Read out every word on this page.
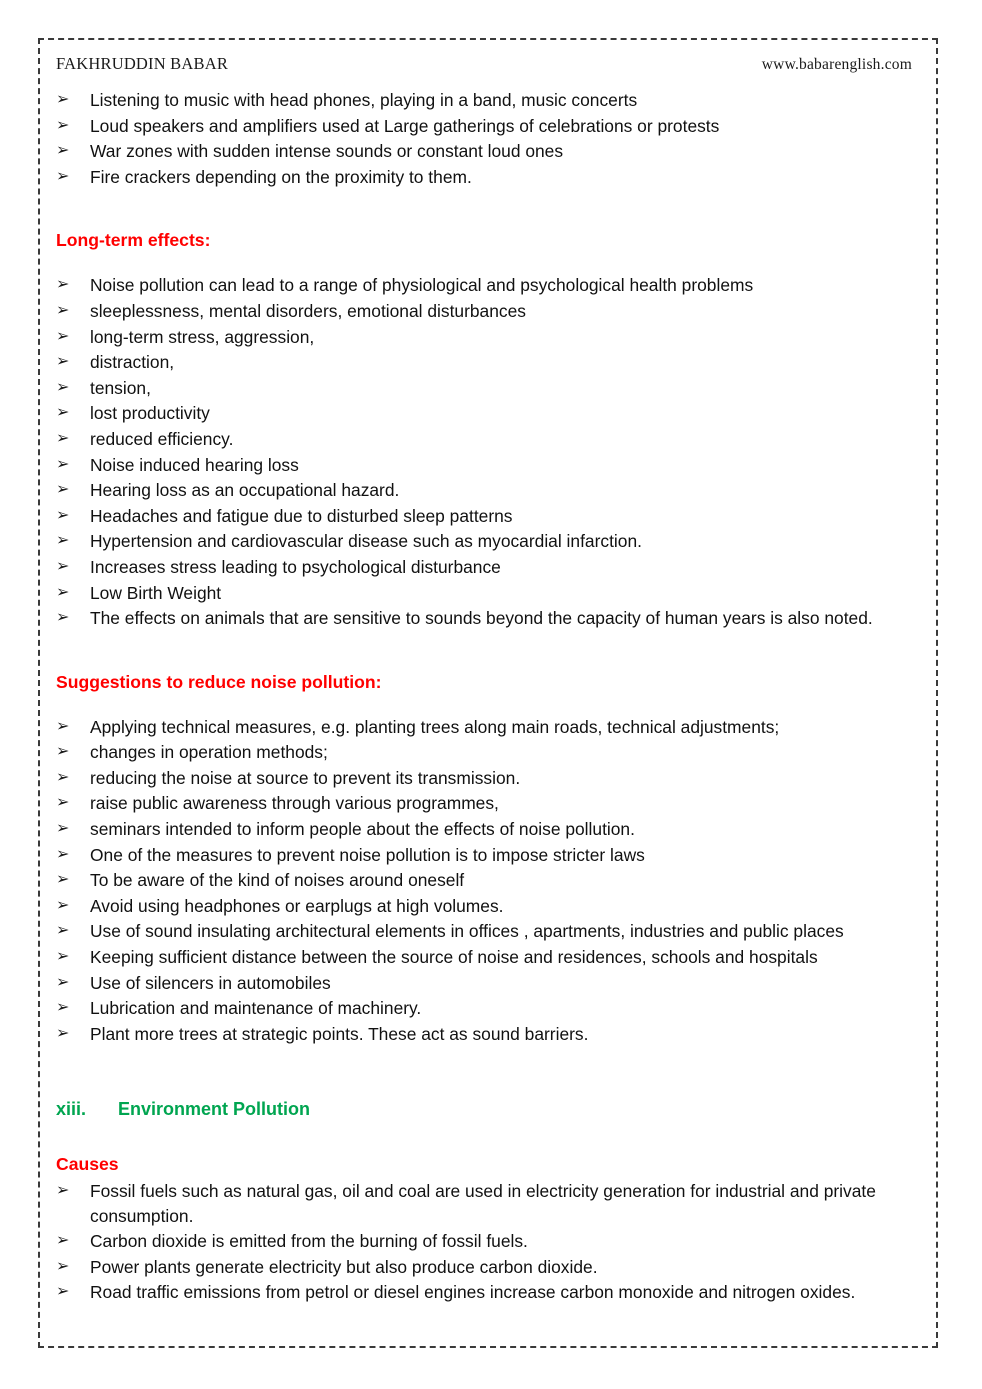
FAKHRUDDIN BABAR	www.babarenglish.com
➢	Listening to music with head phones, playing in a band, music concerts
➢	Loud speakers and amplifiers used at Large gatherings of celebrations or protests
➢	War zones with sudden intense sounds or constant loud ones
➢	Fire crackers depending on the proximity to them.
Long-term effects:
➢	Noise pollution can lead to a range of physiological and psychological health problems
➢	sleeplessness, mental disorders, emotional disturbances
➢	long-term stress, aggression,
➢	distraction,
➢	tension,
➢	lost productivity
➢	reduced efficiency.
➢	Noise induced hearing loss
➢	Hearing loss as an occupational hazard.
➢	Headaches and fatigue due to disturbed sleep patterns
➢	Hypertension and cardiovascular disease such as myocardial infarction.
➢	Increases stress leading to psychological disturbance
➢	Low Birth Weight
➢	The effects on animals that are sensitive to sounds beyond the capacity of human years is also noted.
Suggestions to reduce noise pollution:
➢	Applying technical measures, e.g. planting trees along main roads, technical adjustments;
➢	changes in operation methods;
➢	reducing the noise at source to prevent its transmission.
➢	raise public awareness through various programmes,
➢	seminars intended to inform people about the effects of noise pollution.
➢	One of the measures to prevent noise pollution is to impose stricter laws
➢	To be aware of the kind of noises around oneself
➢	Avoid using headphones or earplugs at high volumes.
➢	Use of sound insulating architectural elements in offices , apartments, industries and public places
➢	Keeping sufficient distance between the source of noise and residences, schools and hospitals
➢	Use of silencers in automobiles
➢	Lubrication and maintenance of machinery.
➢	Plant more trees at strategic points. These act as sound barriers.
xiii.	Environment Pollution
Causes
➢	Fossil fuels such as natural gas, oil and coal are used in electricity generation for industrial and private consumption.
➢	Carbon dioxide is emitted from the burning of fossil fuels.
➢	Power plants generate electricity but also produce carbon dioxide.
➢	Road traffic emissions from petrol or diesel engines increase carbon monoxide and nitrogen oxides.
